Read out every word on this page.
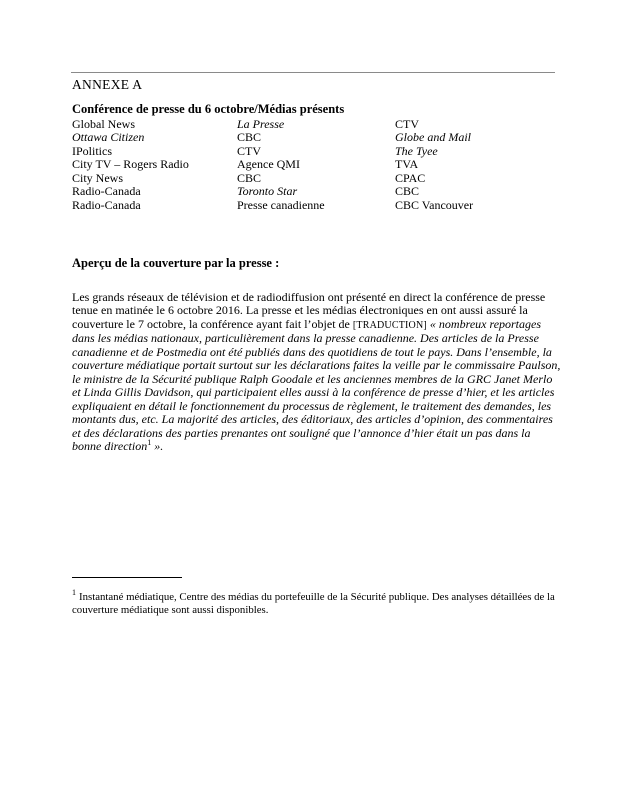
ANNEXE A
Conférence de presse du 6 octobre/Médias présents
Global News	La Presse	CTV
Ottawa Citizen	CBC	Globe and Mail
IPolitics	CTV	The Tyee
City TV – Rogers Radio	Agence QMI	TVA
City News	CBC	CPAC
Radio-Canada	Toronto Star	CBC
Radio-Canada	Presse canadienne	CBC Vancouver
Aperçu de la couverture par la presse :

Les grands réseaux de télévision et de radiodiffusion ont présenté en direct la conférence de presse tenue en matinée le 6 octobre 2016. La presse et les médias électroniques en ont aussi assuré la couverture le 7 octobre, la conférence ayant fait l’objet de [TRADUCTION] « nombreux reportages dans les médias nationaux, particulièrement dans la presse canadienne. Des articles de la Presse canadienne et de Postmedia ont été publiés dans des quotidiens de tout le pays. Dans l’ensemble, la couverture médiatique portait surtout sur les déclarations faites la veille par le commissaire Paulson, le ministre de la Sécurité publique Ralph Goodale et les anciennes membres de la GRC Janet Merlo et Linda Gillis Davidson, qui participaient elles aussi à la conférence de presse d’hier, et les articles expliquaient en détail le fonctionnement du processus de règlement, le traitement des demandes, les montants dus, etc. La majorité des articles, des éditoriaux, des articles d’opinion, des commentaires et des déclarations des parties prenantes ont souligné que l’annonce d’hier était un pas dans la bonne direction$^1$ ».

$^1$ Instantané médiatique, Centre des médias du portefeuille de la Sécurité publique. Des analyses détaillées de la couverture médiatique sont aussi disponibles.
